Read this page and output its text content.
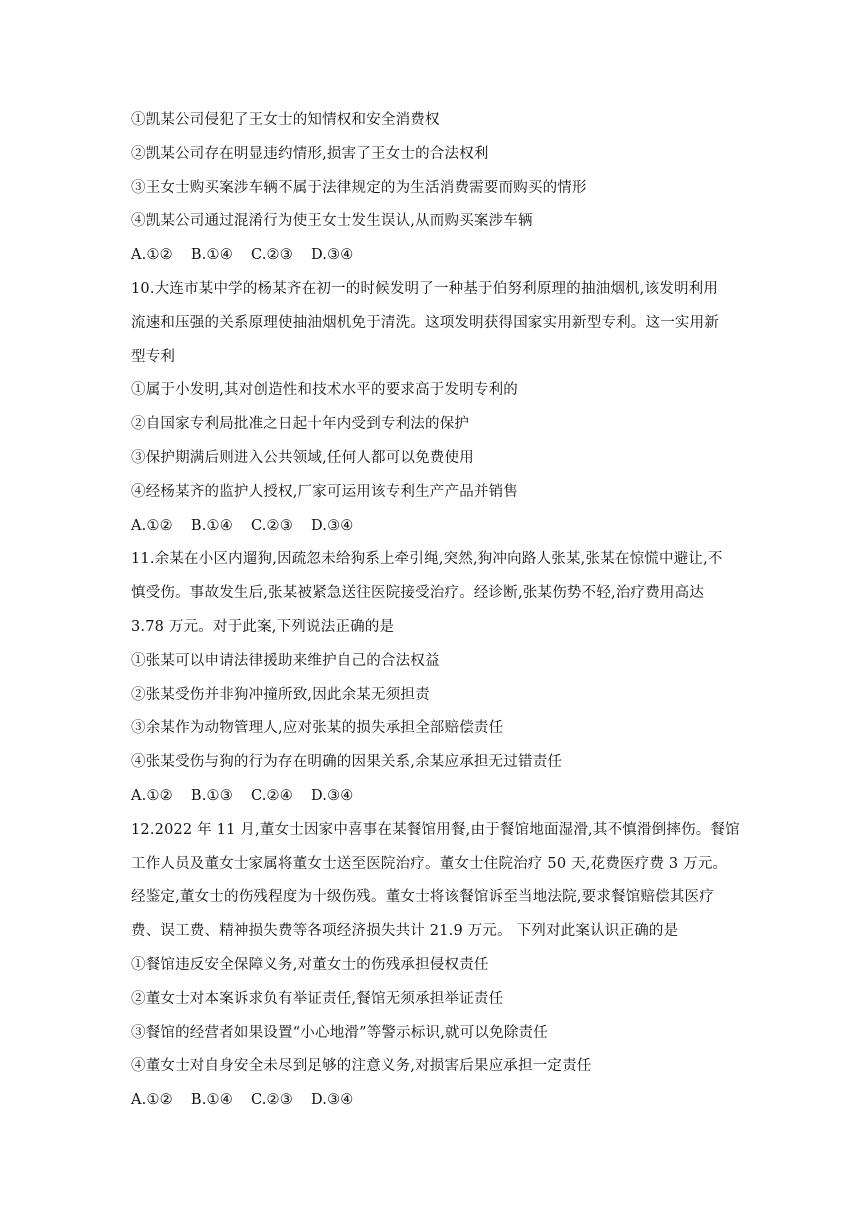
①凯某公司侵犯了王女士的知情权和安全消费权
②凯某公司存在明显违约情形,损害了王女士的合法权利
③王女士购买案涉车辆不属于法律规定的为生活消费需要而购买的情形
④凯某公司通过混淆行为使王女士发生误认,从而购买案涉车辆
A.①② B.①④ C.②③ D.③④
10.大连市某中学的杨某齐在初一的时候发明了一种基于伯努利原理的抽油烟机,该发明利用
流速和压强的关系原理使抽油烟机免于清洗。这项发明获得国家实用新型专利。这一实用新
型专利
①属于小发明,其对创造性和技术水平的要求高于发明专利的
②自国家专利局批准之日起十年内受到专利法的保护
③保护期满后则进入公共领域,任何人都可以免费使用
④经杨某齐的监护人授权,厂家可运用该专利生产产品并销售
A.①② B.①④ C.②③ D.③④
11.余某在小区内遛狗,因疏忽未给狗系上牵引绳,突然,狗冲向路人张某,张某在惊慌中避让,不
慎受伤。事故发生后,张某被紧急送往医院接受治疗。经诊断,张某伤势不轻,治疗费用高达
3.78 万元。对于此案,下列说法正确的是
①张某可以申请法律援助来维护自己的合法权益
②张某受伤并非狗冲撞所致,因此余某无须担责
③余某作为动物管理人,应对张某的损失承担全部赔偿责任
④张某受伤与狗的行为存在明确的因果关系,余某应承担无过错责任
A.①② B.①③ C.②④ D.③④
12.2022 年 11 月,董女士因家中喜事在某餐馆用餐,由于餐馆地面湿滑,其不慎滑倒摔伤。餐馆
工作人员及董女士家属将董女士送至医院治疗。董女士住院治疗 50 天,花费医疗费 3 万元。
经鉴定,董女士的伤残程度为十级伤残。董女士将该餐馆诉至当地法院,要求餐馆赔偿其医疗
费、误工费、精神损失费等各项经济损失共计 21.9 万元。 下列对此案认识正确的是
①餐馆违反安全保障义务,对董女士的伤残承担侵权责任
②董女士对本案诉求负有举证责任,餐馆无须承担举证责任
③餐馆的经营者如果设置“小心地滑”等警示标识,就可以免除责任
④董女士对自身安全未尽到足够的注意义务,对损害后果应承担一定责任
A.①② B.①④ C.②③ D.③④
